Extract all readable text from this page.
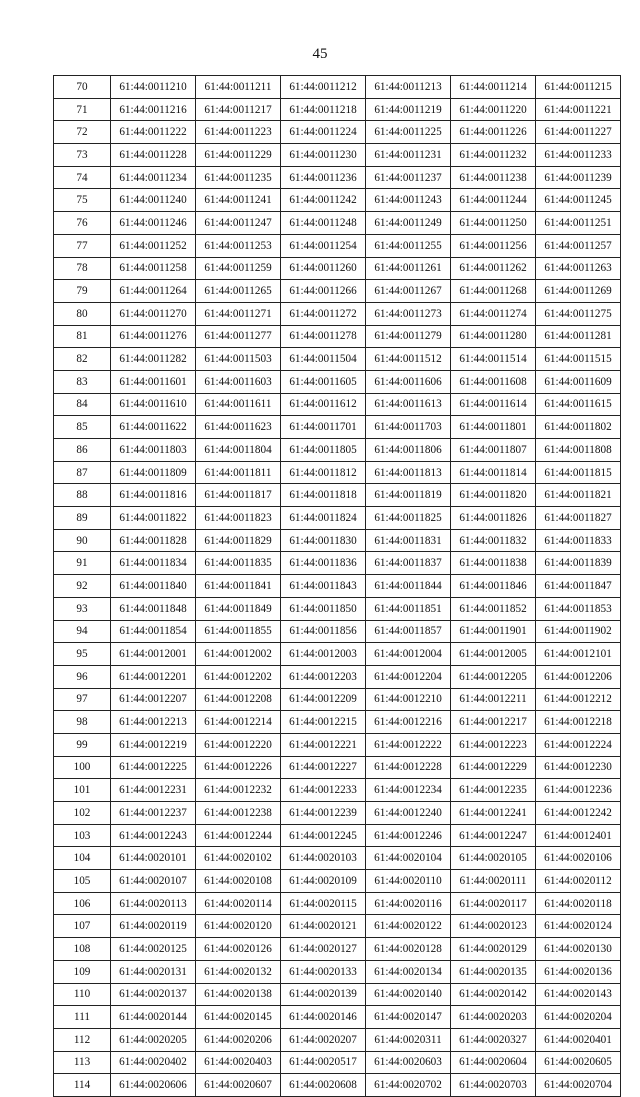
45
70	61:44:0011210	61:44:0011211	61:44:0011212	61:44:0011213	61:44:0011214	61:44:0011215
71	61:44:0011216	61:44:0011217	61:44:0011218	61:44:0011219	61:44:0011220	61:44:0011221
72	61:44:0011222	61:44:0011223	61:44:0011224	61:44:0011225	61:44:0011226	61:44:0011227
73	61:44:0011228	61:44:0011229	61:44:0011230	61:44:0011231	61:44:0011232	61:44:0011233
74	61:44:0011234	61:44:0011235	61:44:0011236	61:44:0011237	61:44:0011238	61:44:0011239
75	61:44:0011240	61:44:0011241	61:44:0011242	61:44:0011243	61:44:0011244	61:44:0011245
76	61:44:0011246	61:44:0011247	61:44:0011248	61:44:0011249	61:44:0011250	61:44:0011251
77	61:44:0011252	61:44:0011253	61:44:0011254	61:44:0011255	61:44:0011256	61:44:0011257
78	61:44:0011258	61:44:0011259	61:44:0011260	61:44:0011261	61:44:0011262	61:44:0011263
79	61:44:0011264	61:44:0011265	61:44:0011266	61:44:0011267	61:44:0011268	61:44:0011269
80	61:44:0011270	61:44:0011271	61:44:0011272	61:44:0011273	61:44:0011274	61:44:0011275
81	61:44:0011276	61:44:0011277	61:44:0011278	61:44:0011279	61:44:0011280	61:44:0011281
82	61:44:0011282	61:44:0011503	61:44:0011504	61:44:0011512	61:44:0011514	61:44:0011515
83	61:44:0011601	61:44:0011603	61:44:0011605	61:44:0011606	61:44:0011608	61:44:0011609
84	61:44:0011610	61:44:0011611	61:44:0011612	61:44:0011613	61:44:0011614	61:44:0011615
85	61:44:0011622	61:44:0011623	61:44:0011701	61:44:0011703	61:44:0011801	61:44:0011802
86	61:44:0011803	61:44:0011804	61:44:0011805	61:44:0011806	61:44:0011807	61:44:0011808
87	61:44:0011809	61:44:0011811	61:44:0011812	61:44:0011813	61:44:0011814	61:44:0011815
88	61:44:0011816	61:44:0011817	61:44:0011818	61:44:0011819	61:44:0011820	61:44:0011821
89	61:44:0011822	61:44:0011823	61:44:0011824	61:44:0011825	61:44:0011826	61:44:0011827
90	61:44:0011828	61:44:0011829	61:44:0011830	61:44:0011831	61:44:0011832	61:44:0011833
91	61:44:0011834	61:44:0011835	61:44:0011836	61:44:0011837	61:44:0011838	61:44:0011839
92	61:44:0011840	61:44:0011841	61:44:0011843	61:44:0011844	61:44:0011846	61:44:0011847
93	61:44:0011848	61:44:0011849	61:44:0011850	61:44:0011851	61:44:0011852	61:44:0011853
94	61:44:0011854	61:44:0011855	61:44:0011856	61:44:0011857	61:44:0011901	61:44:0011902
95	61:44:0012001	61:44:0012002	61:44:0012003	61:44:0012004	61:44:0012005	61:44:0012101
96	61:44:0012201	61:44:0012202	61:44:0012203	61:44:0012204	61:44:0012205	61:44:0012206
97	61:44:0012207	61:44:0012208	61:44:0012209	61:44:0012210	61:44:0012211	61:44:0012212
98	61:44:0012213	61:44:0012214	61:44:0012215	61:44:0012216	61:44:0012217	61:44:0012218
99	61:44:0012219	61:44:0012220	61:44:0012221	61:44:0012222	61:44:0012223	61:44:0012224
100	61:44:0012225	61:44:0012226	61:44:0012227	61:44:0012228	61:44:0012229	61:44:0012230
101	61:44:0012231	61:44:0012232	61:44:0012233	61:44:0012234	61:44:0012235	61:44:0012236
102	61:44:0012237	61:44:0012238	61:44:0012239	61:44:0012240	61:44:0012241	61:44:0012242
103	61:44:0012243	61:44:0012244	61:44:0012245	61:44:0012246	61:44:0012247	61:44:0012401
104	61:44:0020101	61:44:0020102	61:44:0020103	61:44:0020104	61:44:0020105	61:44:0020106
105	61:44:0020107	61:44:0020108	61:44:0020109	61:44:0020110	61:44:0020111	61:44:0020112
106	61:44:0020113	61:44:0020114	61:44:0020115	61:44:0020116	61:44:0020117	61:44:0020118
107	61:44:0020119	61:44:0020120	61:44:0020121	61:44:0020122	61:44:0020123	61:44:0020124
108	61:44:0020125	61:44:0020126	61:44:0020127	61:44:0020128	61:44:0020129	61:44:0020130
109	61:44:0020131	61:44:0020132	61:44:0020133	61:44:0020134	61:44:0020135	61:44:0020136
110	61:44:0020137	61:44:0020138	61:44:0020139	61:44:0020140	61:44:0020142	61:44:0020143
111	61:44:0020144	61:44:0020145	61:44:0020146	61:44:0020147	61:44:0020203	61:44:0020204
112	61:44:0020205	61:44:0020206	61:44:0020207	61:44:0020311	61:44:0020327	61:44:0020401
113	61:44:0020402	61:44:0020403	61:44:0020517	61:44:0020603	61:44:0020604	61:44:0020605
114	61:44:0020606	61:44:0020607	61:44:0020608	61:44:0020702	61:44:0020703	61:44:0020704
